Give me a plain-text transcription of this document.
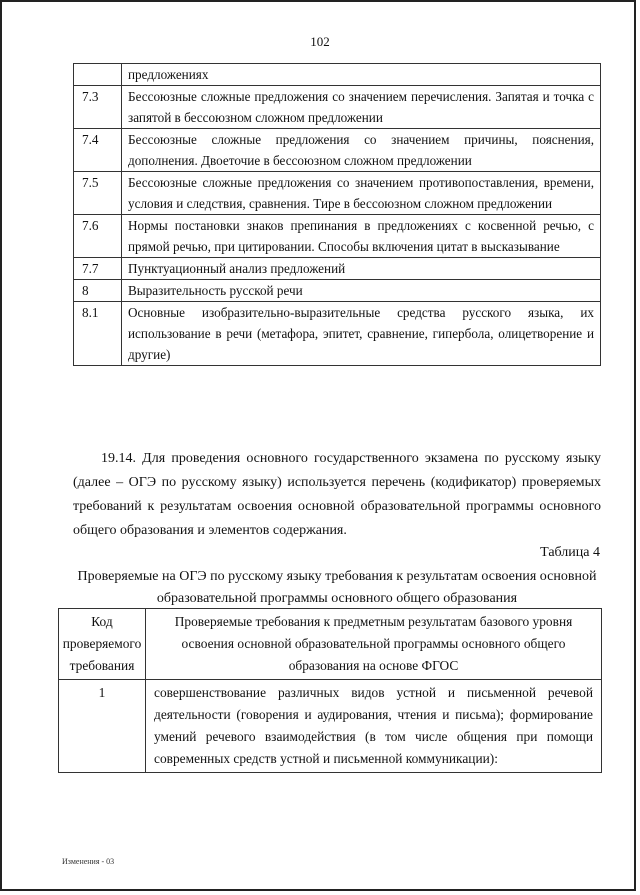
102
	предложениях
7.3	Бессоюзные сложные предложения со значением перечисления. Запятая и точка с запятой в бессоюзном сложном предложении
7.4	Бессоюзные сложные предложения со значением причины, пояснения, дополнения. Двоеточие в бессоюзном сложном предложении
7.5	Бессоюзные сложные предложения со значением противопоставления, времени, условия и следствия, сравнения. Тире в бессоюзном сложном предложении
7.6	Нормы постановки знаков препинания в предложениях с косвенной речью, с прямой речью, при цитировании. Способы включения цитат в высказывание
7.7	Пунктуационный анализ предложений
8	Выразительность русской речи
8.1	Основные изобразительно-выразительные средства русского языка, их использование в речи (метафора, эпитет, сравнение, гипербола, олицетворение и другие)
19.14. Для проведения основного государственного экзамена по русскому языку (далее – ОГЭ по русскому языку) используется перечень (кодификатор) проверяемых требований к результатам освоения основной образовательной программы основного общего образования и элементов содержания.
Таблица 4
Проверяемые на ОГЭ по русскому языку требования к результатам освоения основной образовательной программы основного общего образования
Код проверяемого требования	Проверяемые требования к предметным результатам базового уровня освоения основной образовательной программы основного общего образования на основе ФГОС
1	совершенствование различных видов устной и письменной речевой деятельности (говорения и аудирования, чтения и письма); формирование умений речевого взаимодействия (в том числе общения при помощи современных средств устной и письменной коммуникации):
Изменения - 03
